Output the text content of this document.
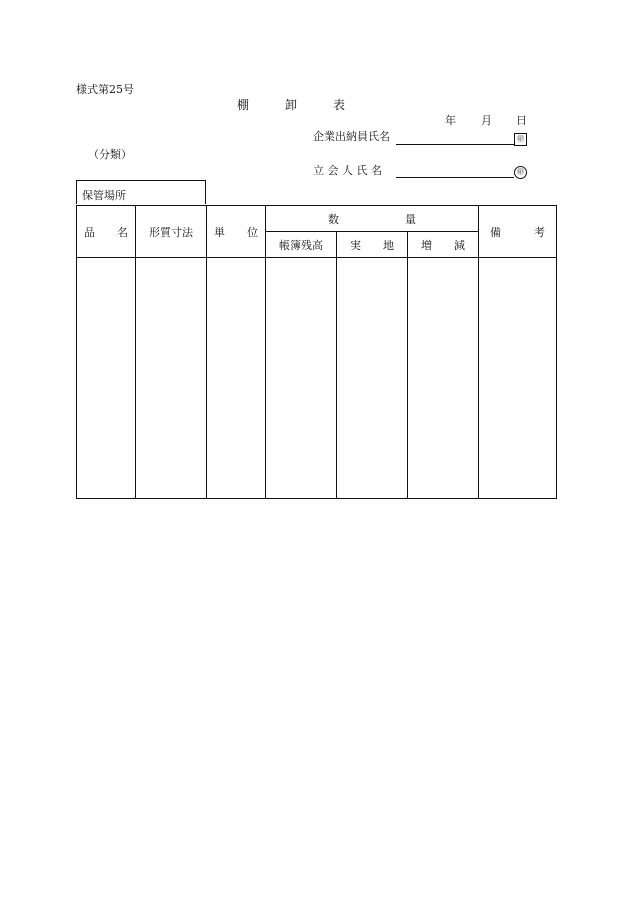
様式第25号
棚　　　卸　　　表
年 月 日
企業出納員氏名	㊞
（分類）
立 会 人 氏 名	㊞
保管場所
品　　名	形質寸法	単　　位	数　　　　　　量			備　　　考
			帳簿残高	実　　地	増　　減	
